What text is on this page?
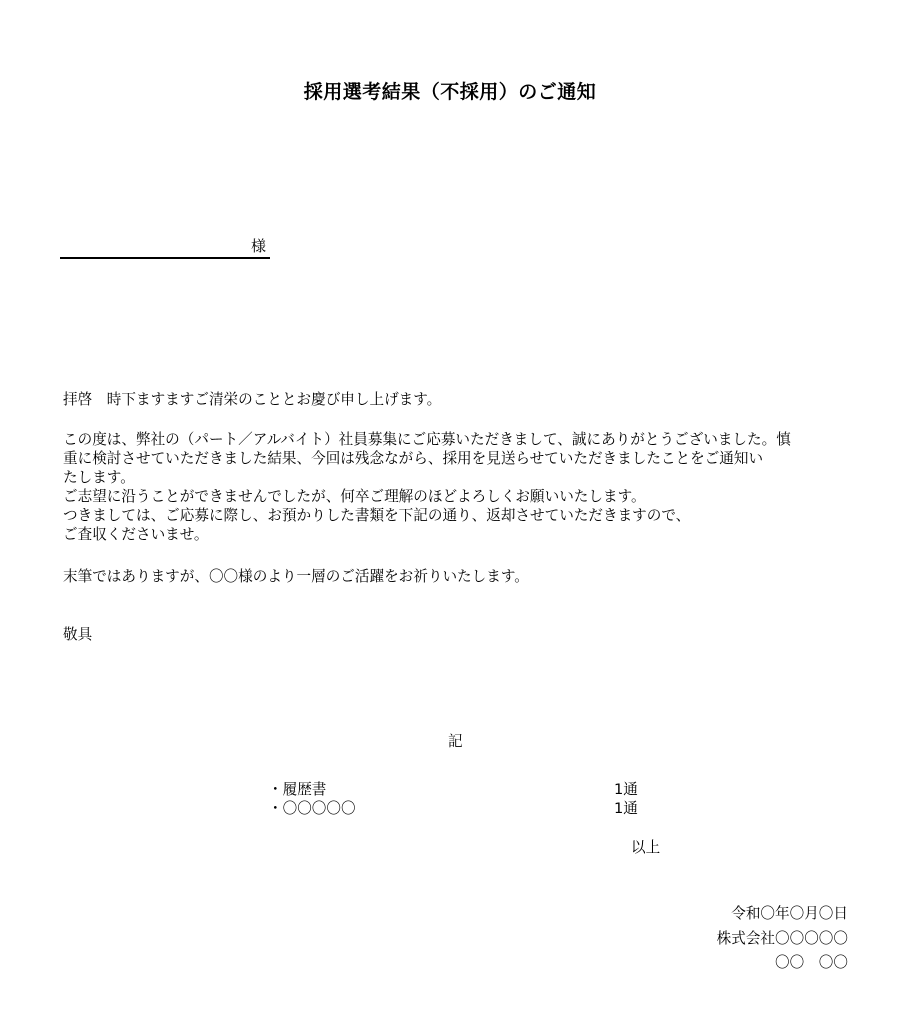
採用選考結果（不採用）のご通知
様
拝啓　時下ますますご清栄のこととお慶び申し上げます。
この度は、弊社の（パート／アルバイト）社員募集にご応募いただきまして、誠にありがとうございました。慎
重に検討させていただきました結果、今回は残念ながら、採用を見送らせていただきましたことをご通知い
たします。
ご志望に沿うことができませんでしたが、何卒ご理解のほどよろしくお願いいたします。
つきましては、ご応募に際し、お預かりした書類を下記の通り、返却させていただきますので、
ご査収くださいませ。
末筆ではありますが、〇〇様のより一層のご活躍をお祈りいたします。
敬具
記
・履歴書	1通
・〇〇〇〇〇	1通
以上
令和〇年〇月〇日
株式会社〇〇〇〇〇
〇〇　〇〇
